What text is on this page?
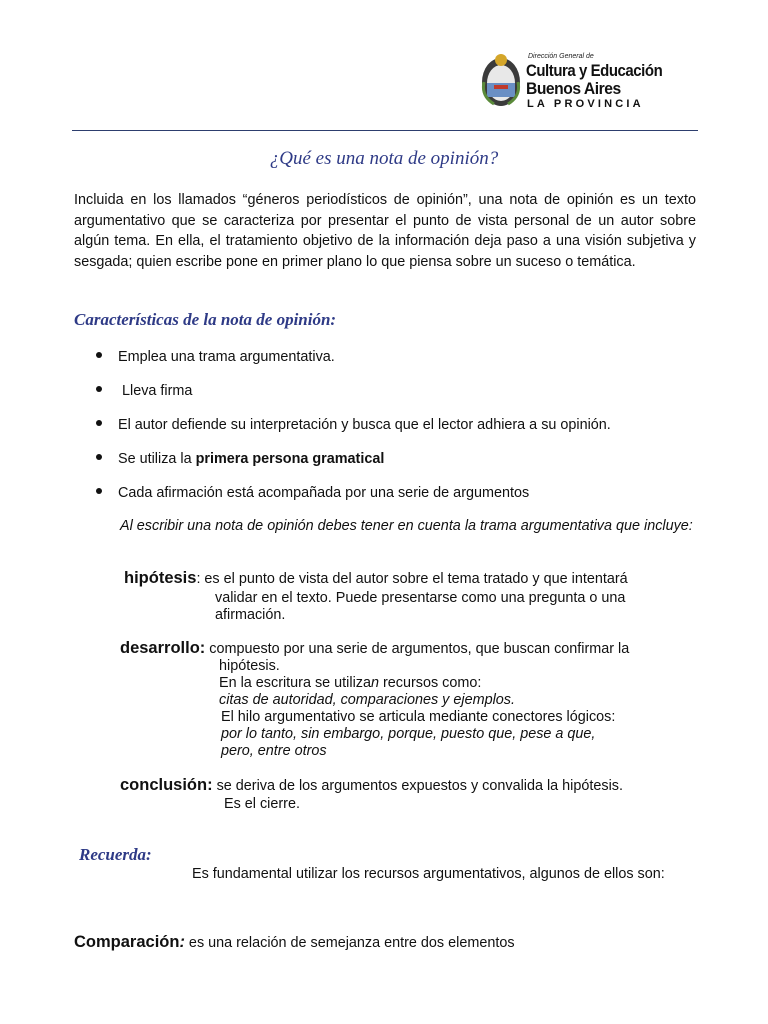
Dirección General de
Cultura y Educación
Buenos Aires
LA PROVINCIA
¿Qué es una nota de opinión?

Incluida en los llamados “géneros periodísticos de opinión”, una nota de opinión es un texto argumentativo que se caracteriza por presentar el punto de vista personal de un autor sobre algún tema. En ella, el tratamiento objetivo de la información deja paso a una visión subjetiva y sesgada; quien escribe pone en primer plano lo que piensa sobre un suceso o temática.

Características de la nota de opinión:
Emplea una trama argumentativa.
Lleva firma
El autor defiende su interpretación y busca que el lector adhiera a su opinión.
Se utiliza la primera persona gramatical
Cada afirmación está acompañada por una serie de argumentos

Al escribir una nota de opinión debes tener en cuenta la trama argumentativa que incluye:

hipótesis: es el punto de vista del autor sobre el tema tratado y que intentará
validar en el texto. Puede presentarse como una pregunta o una
afirmación.
desarrollo: compuesto por una serie de argumentos, que buscan confirmar la
hipótesis.
En la escritura se utilizan recursos como:
citas de autoridad, comparaciones y ejemplos.
El hilo argumentativo se articula mediante conectores lógicos:
por lo tanto, sin embargo, porque, puesto que, pese a que,
pero, entre otros
conclusión: se deriva de los argumentos expuestos y convalida la hipótesis.
Es el cierre.
Recuerda:

Es fundamental utilizar los recursos argumentativos, algunos de ellos son:

Comparación: es una relación de semejanza entre dos elementos
